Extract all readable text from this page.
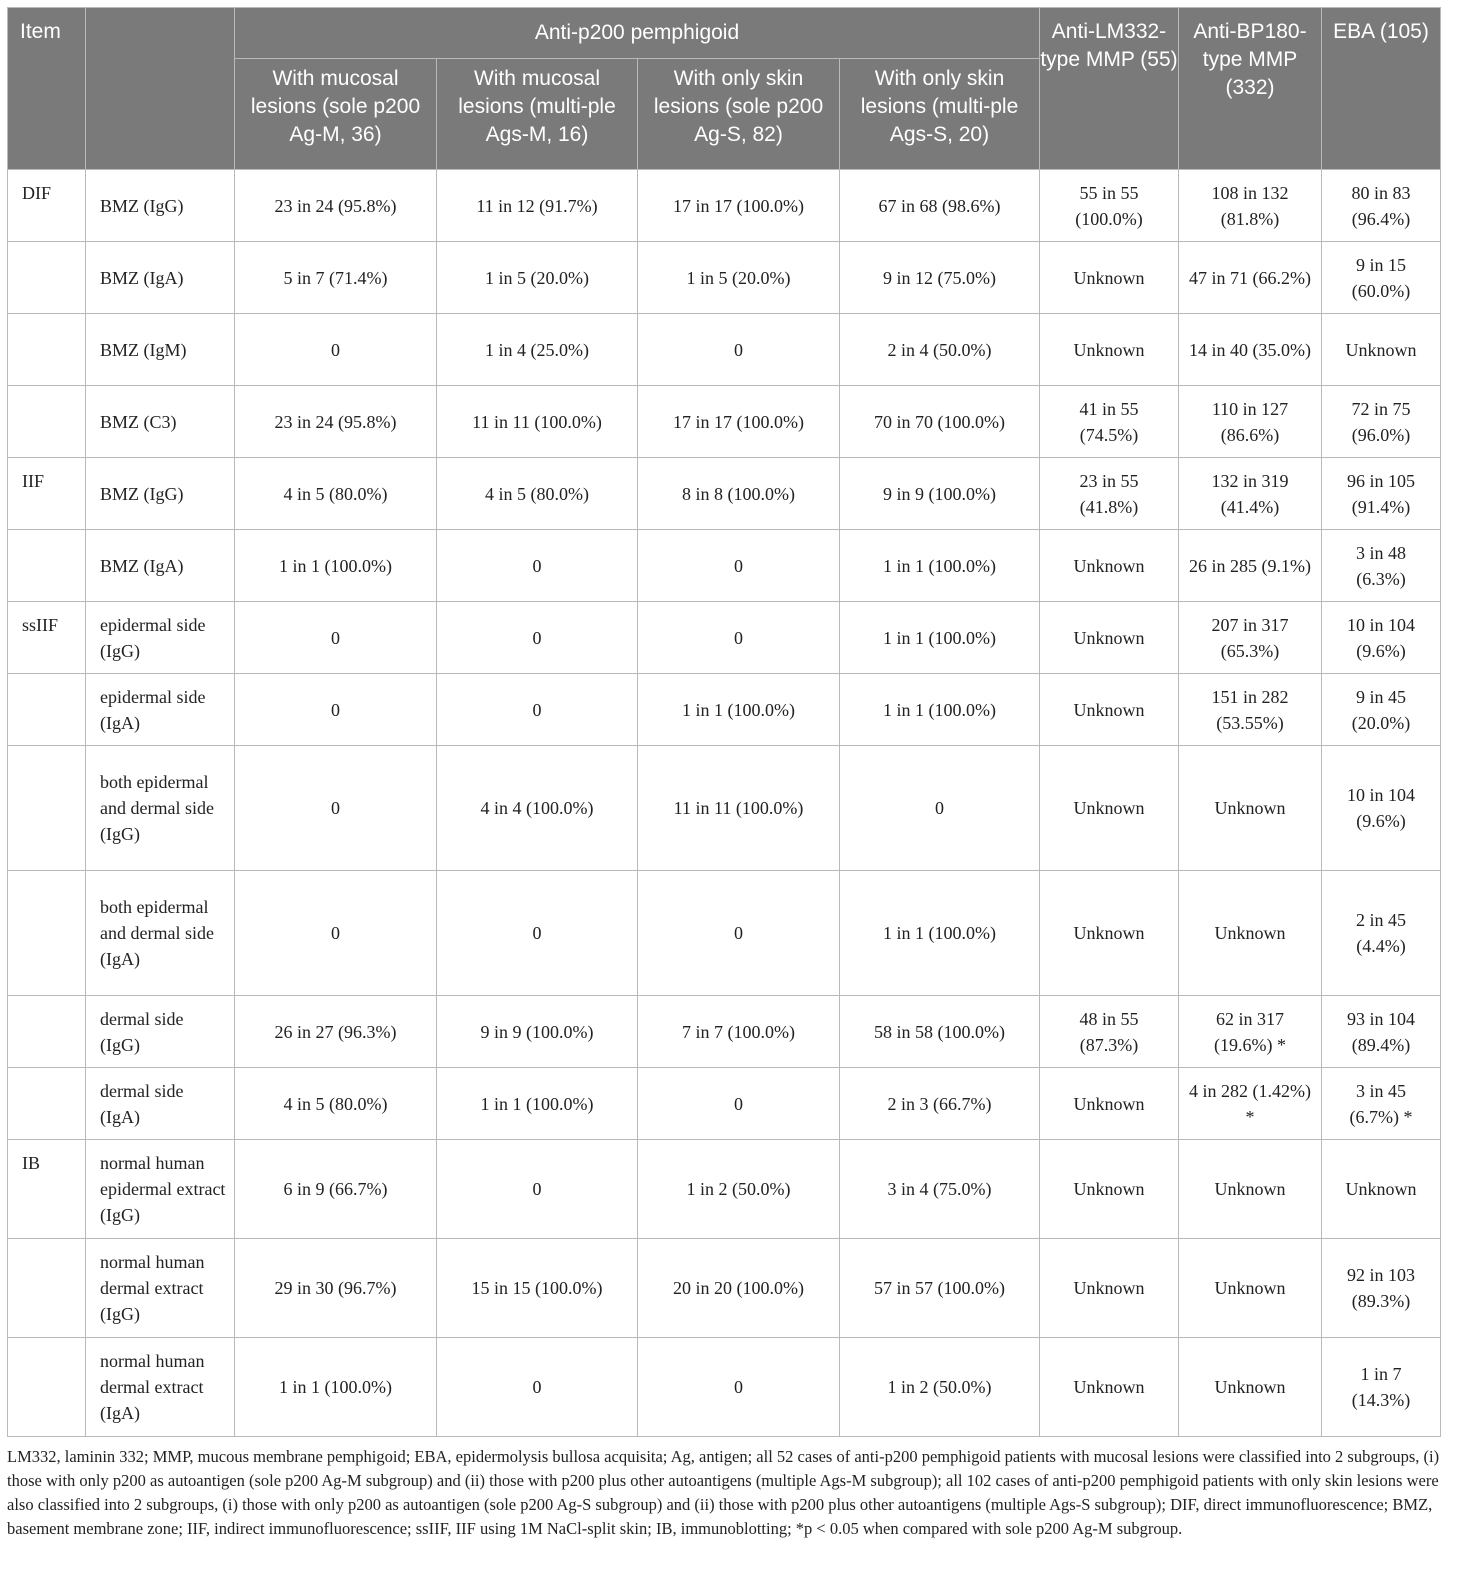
Item		Anti-p200 pemphigoid				Anti-LM332-type MMP (55)	Anti-BP180-type MMP (332)	EBA (105)
		With mucosal lesions (sole p200 Ag-M, 36)	With mucosal lesions (multi-ple Ags-M, 16)	With only skin lesions (sole p200 Ag-S, 82)	With only skin lesions (multi-ple Ags-S, 20)			
DIF	BMZ (IgG)	23 in 24 (95.8%)	11 in 12 (91.7%)	17 in 17 (100.0%)	67 in 68 (98.6%)	55 in 55 (100.0%)	108 in 132 (81.8%)	80 in 83 (96.4%)
	BMZ (IgA)	5 in 7 (71.4%)	1 in 5 (20.0%)	1 in 5 (20.0%)	9 in 12 (75.0%)	Unknown	47 in 71 (66.2%)	9 in 15 (60.0%)
	BMZ (IgM)	0	1 in 4 (25.0%)	0	2 in 4 (50.0%)	Unknown	14 in 40 (35.0%)	Unknown
	BMZ (C3)	23 in 24 (95.8%)	11 in 11 (100.0%)	17 in 17 (100.0%)	70 in 70 (100.0%)	41 in 55 (74.5%)	110 in 127 (86.6%)	72 in 75 (96.0%)
IIF	BMZ (IgG)	4 in 5 (80.0%)	4 in 5 (80.0%)	8 in 8 (100.0%)	9 in 9 (100.0%)	23 in 55 (41.8%)	132 in 319 (41.4%)	96 in 105 (91.4%)
	BMZ (IgA)	1 in 1 (100.0%)	0	0	1 in 1 (100.0%)	Unknown	26 in 285 (9.1%)	3 in 48 (6.3%)
ssIIF	epidermal side (IgG)	0	0	0	1 in 1 (100.0%)	Unknown	207 in 317 (65.3%)	10 in 104 (9.6%)
	epidermal side (IgA)	0	0	1 in 1 (100.0%)	1 in 1 (100.0%)	Unknown	151 in 282 (53.55%)	9 in 45 (20.0%)
	both epidermal and dermal side (IgG)	0	4 in 4 (100.0%)	11 in 11 (100.0%)	0	Unknown	Unknown	10 in 104 (9.6%)
	both epidermal and dermal side (IgA)	0	0	0	1 in 1 (100.0%)	Unknown	Unknown	2 in 45 (4.4%)
	dermal side (IgG)	26 in 27 (96.3%)	9 in 9 (100.0%)	7 in 7 (100.0%)	58 in 58 (100.0%)	48 in 55 (87.3%)	62 in 317 (19.6%) *	93 in 104 (89.4%)
	dermal side (IgA)	4 in 5 (80.0%)	1 in 1 (100.0%)	0	2 in 3 (66.7%)	Unknown	4 in 282 (1.42%) *	3 in 45 (6.7%) *
IB	normal human epidermal extract (IgG)	6 in 9 (66.7%)	0	1 in 2 (50.0%)	3 in 4 (75.0%)	Unknown	Unknown	Unknown
	normal human dermal extract (IgG)	29 in 30 (96.7%)	15 in 15 (100.0%)	20 in 20 (100.0%)	57 in 57 (100.0%)	Unknown	Unknown	92 in 103 (89.3%)
	normal human dermal extract (IgA)	1 in 1 (100.0%)	0	0	1 in 2 (50.0%)	Unknown	Unknown	1 in 7 (14.3%)
LM332, laminin 332; MMP, mucous membrane pemphigoid; EBA, epidermolysis bullosa acquisita; Ag, antigen; all 52 cases of anti-p200 pemphigoid patients with mucosal lesions were classified into 2 subgroups, (i) those with only p200 as autoantigen (sole p200 Ag-M subgroup) and (ii) those with p200 plus other autoantigens (multiple Ags-M subgroup); all 102 cases of anti-p200 pemphigoid patients with only skin lesions were also classified into 2 subgroups, (i) those with only p200 as autoantigen (sole p200 Ag-S subgroup) and (ii) those with p200 plus other autoantigens (multiple Ags-S subgroup); DIF, direct immunofluorescence; BMZ, basement membrane zone; IIF, indirect immunofluorescence; ssIIF, IIF using 1M NaCl-split skin; IB, immunoblotting; *p < 0.05 when compared with sole p200 Ag-M subgroup.
